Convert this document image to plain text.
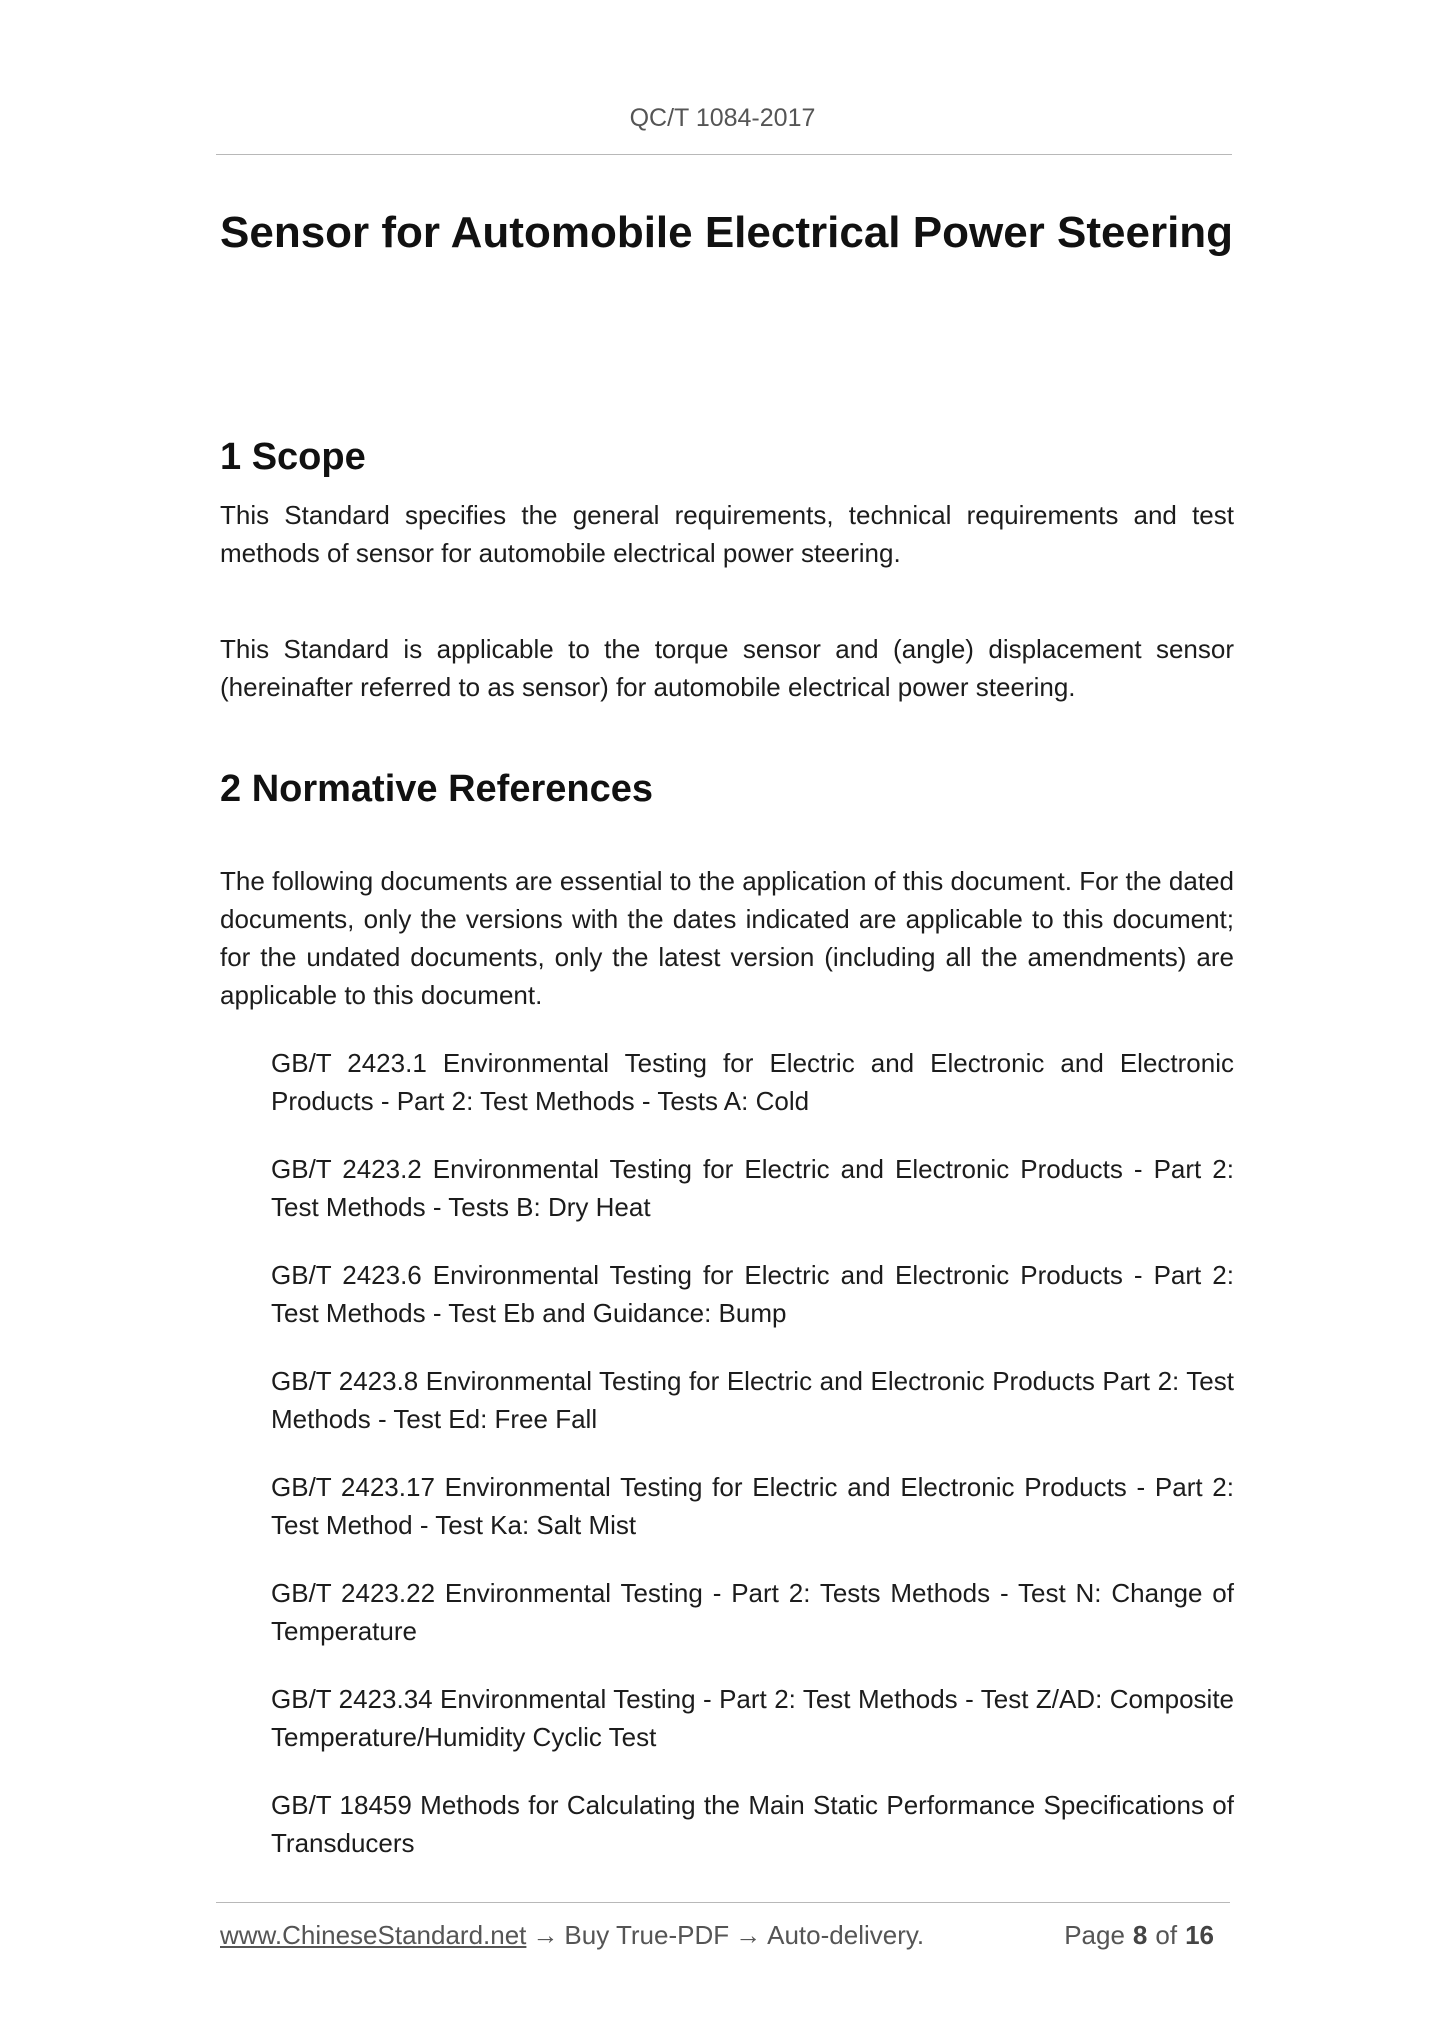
QC/T 1084-2017
Sensor for Automobile Electrical Power Steering
1 Scope

This Standard specifies the general requirements, technical requirements and test methods of sensor for automobile electrical power steering.

This Standard is applicable to the torque sensor and (angle) displacement sensor (hereinafter referred to as sensor) for automobile electrical power steering.

2 Normative References

The following documents are essential to the application of this document. For the dated documents, only the versions with the dates indicated are applicable to this document; for the undated documents, only the latest version (including all the amendments) are applicable to this document.

GB/T 2423.1 Environmental Testing for Electric and Electronic and Electronic Products - Part 2: Test Methods - Tests A: Cold

GB/T 2423.2 Environmental Testing for Electric and Electronic Products - Part 2: Test Methods - Tests B: Dry Heat

GB/T 2423.6 Environmental Testing for Electric and Electronic Products - Part 2: Test Methods - Test Eb and Guidance: Bump

GB/T 2423.8 Environmental Testing for Electric and Electronic Products Part 2: Test Methods - Test Ed: Free Fall

GB/T 2423.17 Environmental Testing for Electric and Electronic Products - Part 2: Test Method - Test Ka: Salt Mist

GB/T 2423.22 Environmental Testing - Part 2: Tests Methods - Test N: Change of Temperature

GB/T 2423.34 Environmental Testing - Part 2: Test Methods - Test Z/AD: Composite Temperature/Humidity Cyclic Test

GB/T 18459 Methods for Calculating the Main Static Performance Specifications of Transducers

www.ChineseStandard.net → Buy True-PDF → Auto-delivery.	Page 8 of 16
